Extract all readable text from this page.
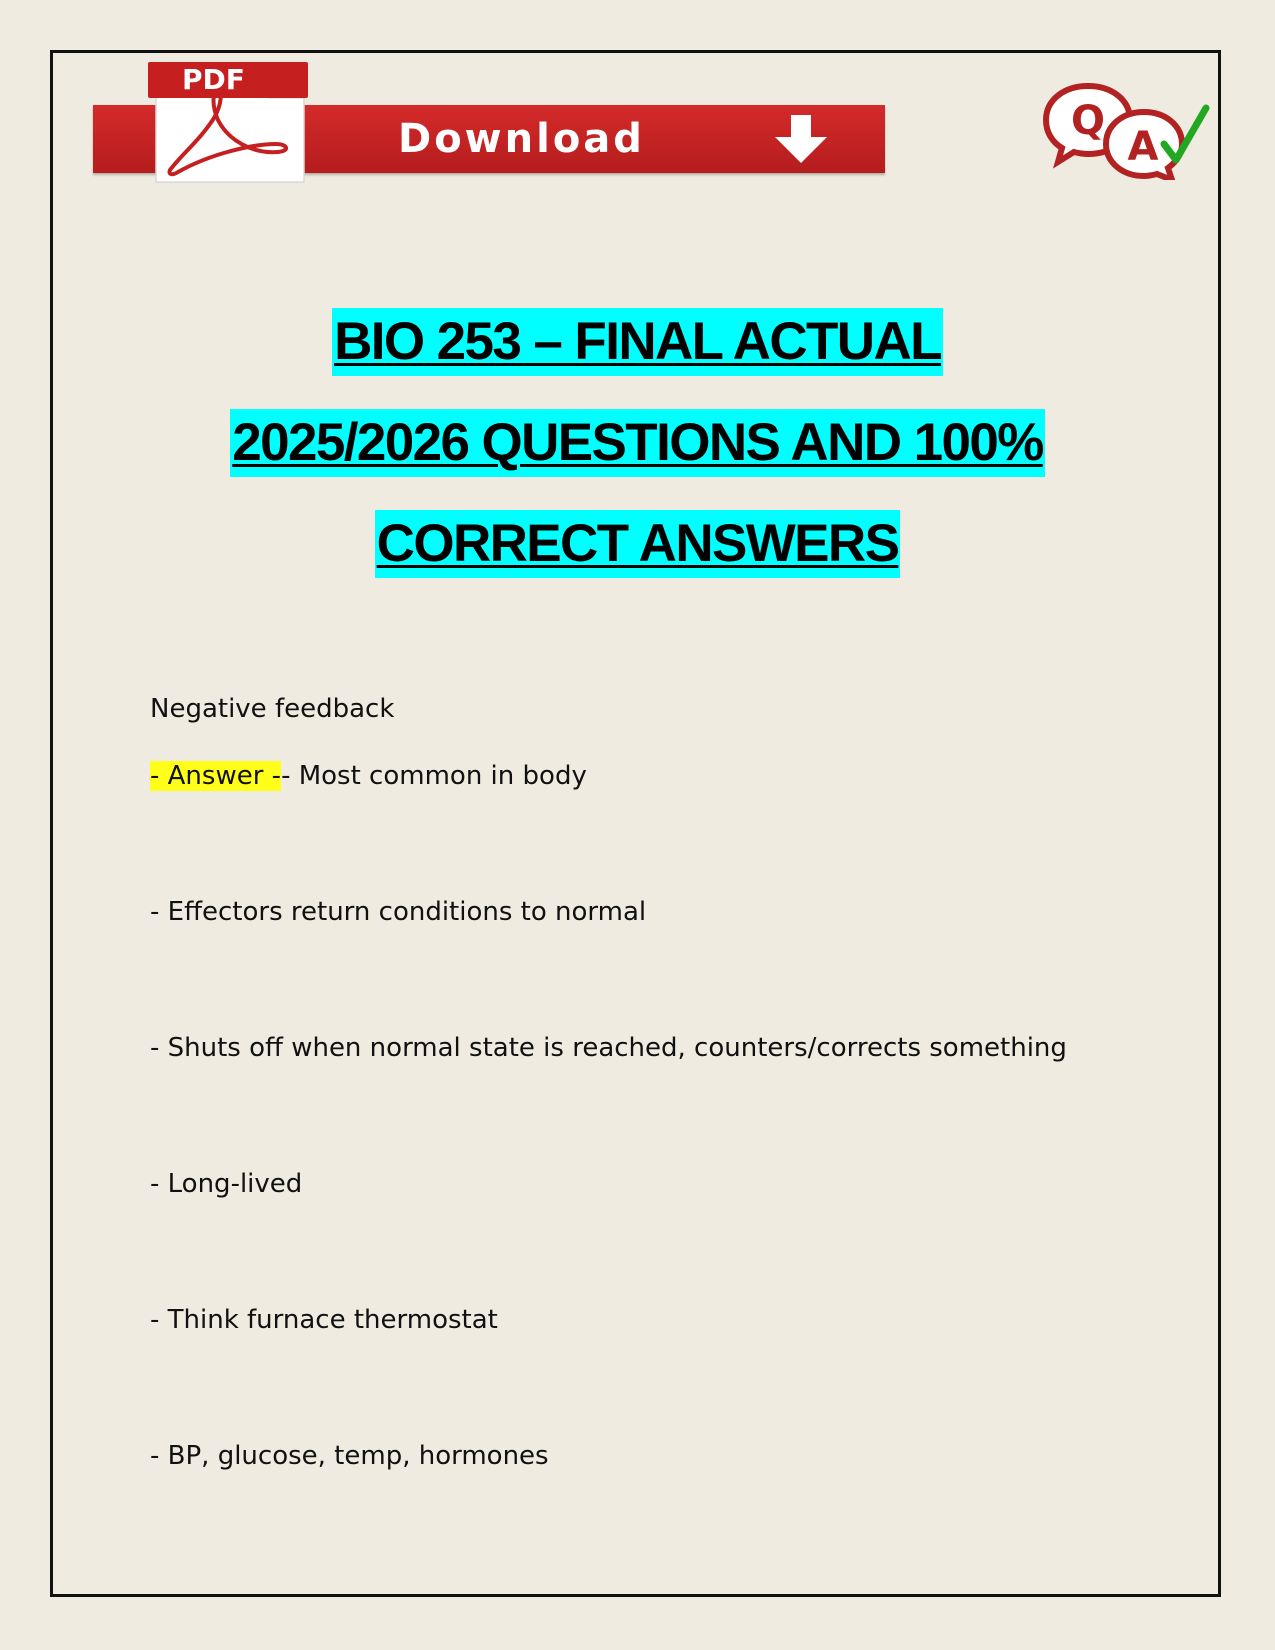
Download
PDF
Q
A
BIO 253 – FINAL ACTUAL
2025/2026 QUESTIONS AND 100%
CORRECT ANSWERS

Negative feedback

- Answer -- Most common in body
- Effectors return conditions to normal
- Shuts off when normal state is reached, counters/corrects something
- Long-lived
- Think furnace thermostat
- BP, glucose, temp, hormones
